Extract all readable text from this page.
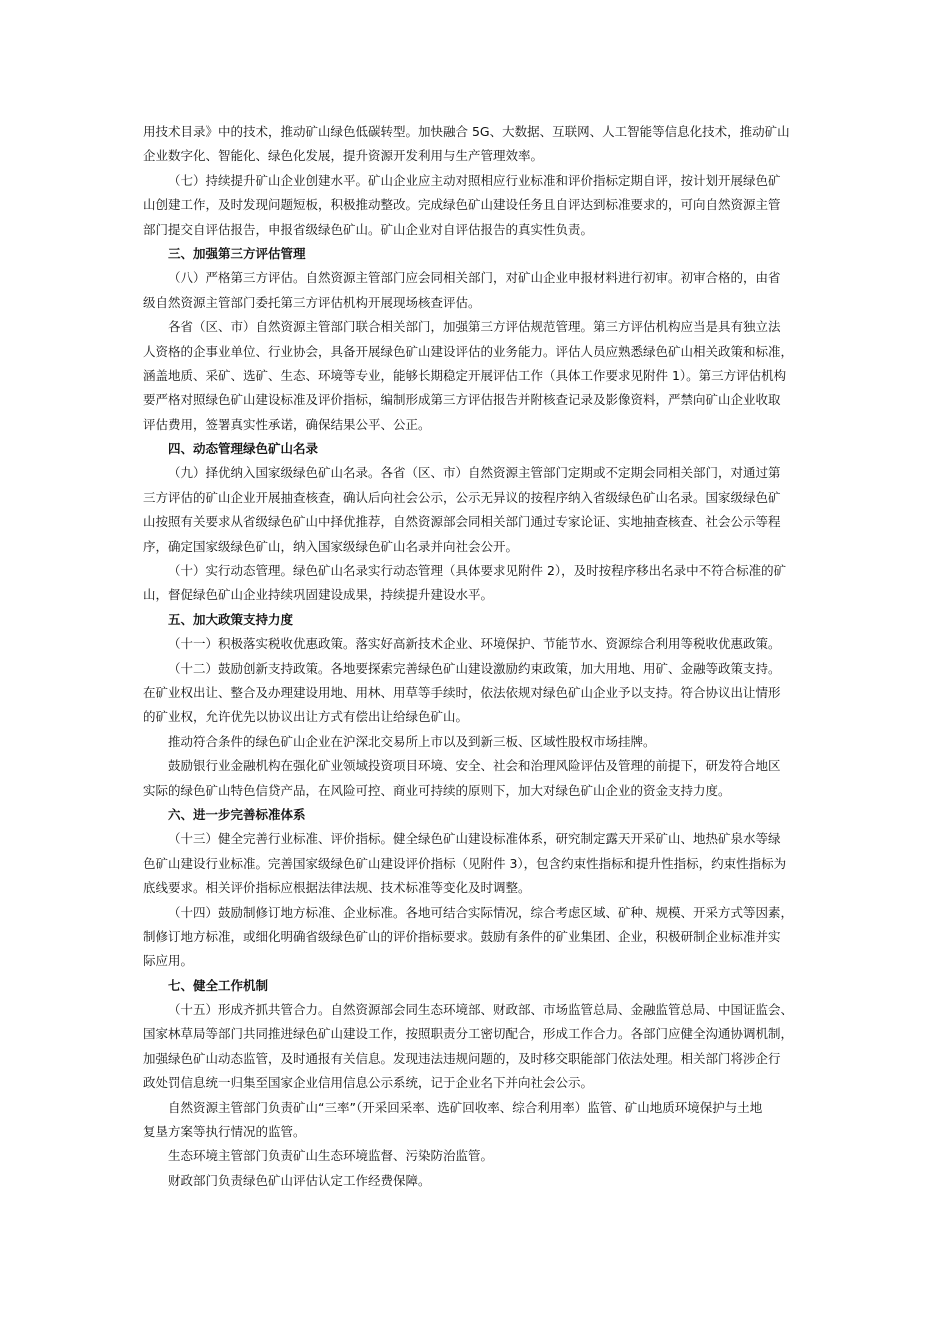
用技术目录》中的技术，推动矿山绿色低碳转型。加快融合 5G、大数据、互联网、人工智能等信息化技术，推动矿山
企业数字化、智能化、绿色化发展，提升资源开发利用与生产管理效率。
（七）持续提升矿山企业创建水平。矿山企业应主动对照相应行业标准和评价指标定期自评，按计划开展绿色矿
山创建工作，及时发现问题短板，积极推动整改。完成绿色矿山建设任务且自评达到标准要求的，可向自然资源主管
部门提交自评估报告，申报省级绿色矿山。矿山企业对自评估报告的真实性负责。
三、加强第三方评估管理
（八）严格第三方评估。自然资源主管部门应会同相关部门，对矿山企业申报材料进行初审。初审合格的，由省
级自然资源主管部门委托第三方评估机构开展现场核查评估。
各省（区、市）自然资源主管部门联合相关部门，加强第三方评估规范管理。第三方评估机构应当是具有独立法
人资格的企事业单位、行业协会，具备开展绿色矿山建设评估的业务能力。评估人员应熟悉绿色矿山相关政策和标准，
涵盖地质、采矿、选矿、生态、环境等专业，能够长期稳定开展评估工作（具体工作要求见附件 1）。第三方评估机构
要严格对照绿色矿山建设标准及评价指标，编制形成第三方评估报告并附核查记录及影像资料，严禁向矿山企业收取
评估费用，签署真实性承诺，确保结果公平、公正。
四、动态管理绿色矿山名录
（九）择优纳入国家级绿色矿山名录。各省（区、市）自然资源主管部门定期或不定期会同相关部门，对通过第
三方评估的矿山企业开展抽查核查，确认后向社会公示，公示无异议的按程序纳入省级绿色矿山名录。国家级绿色矿
山按照有关要求从省级绿色矿山中择优推荐，自然资源部会同相关部门通过专家论证、实地抽查核查、社会公示等程
序，确定国家级绿色矿山，纳入国家级绿色矿山名录并向社会公开。
（十）实行动态管理。绿色矿山名录实行动态管理（具体要求见附件 2），及时按程序移出名录中不符合标准的矿
山，督促绿色矿山企业持续巩固建设成果，持续提升建设水平。
五、加大政策支持力度
（十一）积极落实税收优惠政策。落实好高新技术企业、环境保护、节能节水、资源综合利用等税收优惠政策。
（十二）鼓励创新支持政策。各地要探索完善绿色矿山建设激励约束政策，加大用地、用矿、金融等政策支持。
在矿业权出让、整合及办理建设用地、用林、用草等手续时，依法依规对绿色矿山企业予以支持。符合协议出让情形
的矿业权，允许优先以协议出让方式有偿出让给绿色矿山。
推动符合条件的绿色矿山企业在沪深北交易所上市以及到新三板、区域性股权市场挂牌。
鼓励银行业金融机构在强化矿业领域投资项目环境、安全、社会和治理风险评估及管理的前提下，研发符合地区
实际的绿色矿山特色信贷产品，在风险可控、商业可持续的原则下，加大对绿色矿山企业的资金支持力度。
六、进一步完善标准体系
（十三）健全完善行业标准、评价指标。健全绿色矿山建设标准体系，研究制定露天开采矿山、地热矿泉水等绿
色矿山建设行业标准。完善国家级绿色矿山建设评价指标（见附件 3），包含约束性指标和提升性指标，约束性指标为
底线要求。相关评价指标应根据法律法规、技术标准等变化及时调整。
（十四）鼓励制修订地方标准、企业标准。各地可结合实际情况，综合考虑区域、矿种、规模、开采方式等因素，
制修订地方标准，或细化明确省级绿色矿山的评价指标要求。鼓励有条件的矿业集团、企业，积极研制企业标准并实
际应用。
七、健全工作机制
（十五）形成齐抓共管合力。自然资源部会同生态环境部、财政部、市场监管总局、金融监管总局、中国证监会、
国家林草局等部门共同推进绿色矿山建设工作，按照职责分工密切配合，形成工作合力。各部门应健全沟通协调机制，
加强绿色矿山动态监管，及时通报有关信息。发现违法违规问题的，及时移交职能部门依法处理。相关部门将涉企行
政处罚信息统一归集至国家企业信用信息公示系统，记于企业名下并向社会公示。
自然资源主管部门负责矿山“三率”（开采回采率、选矿回收率、综合利用率）监管、矿山地质环境保护与土地
复垦方案等执行情况的监管。
生态环境主管部门负责矿山生态环境监督、污染防治监管。
财政部门负责绿色矿山评估认定工作经费保障。
